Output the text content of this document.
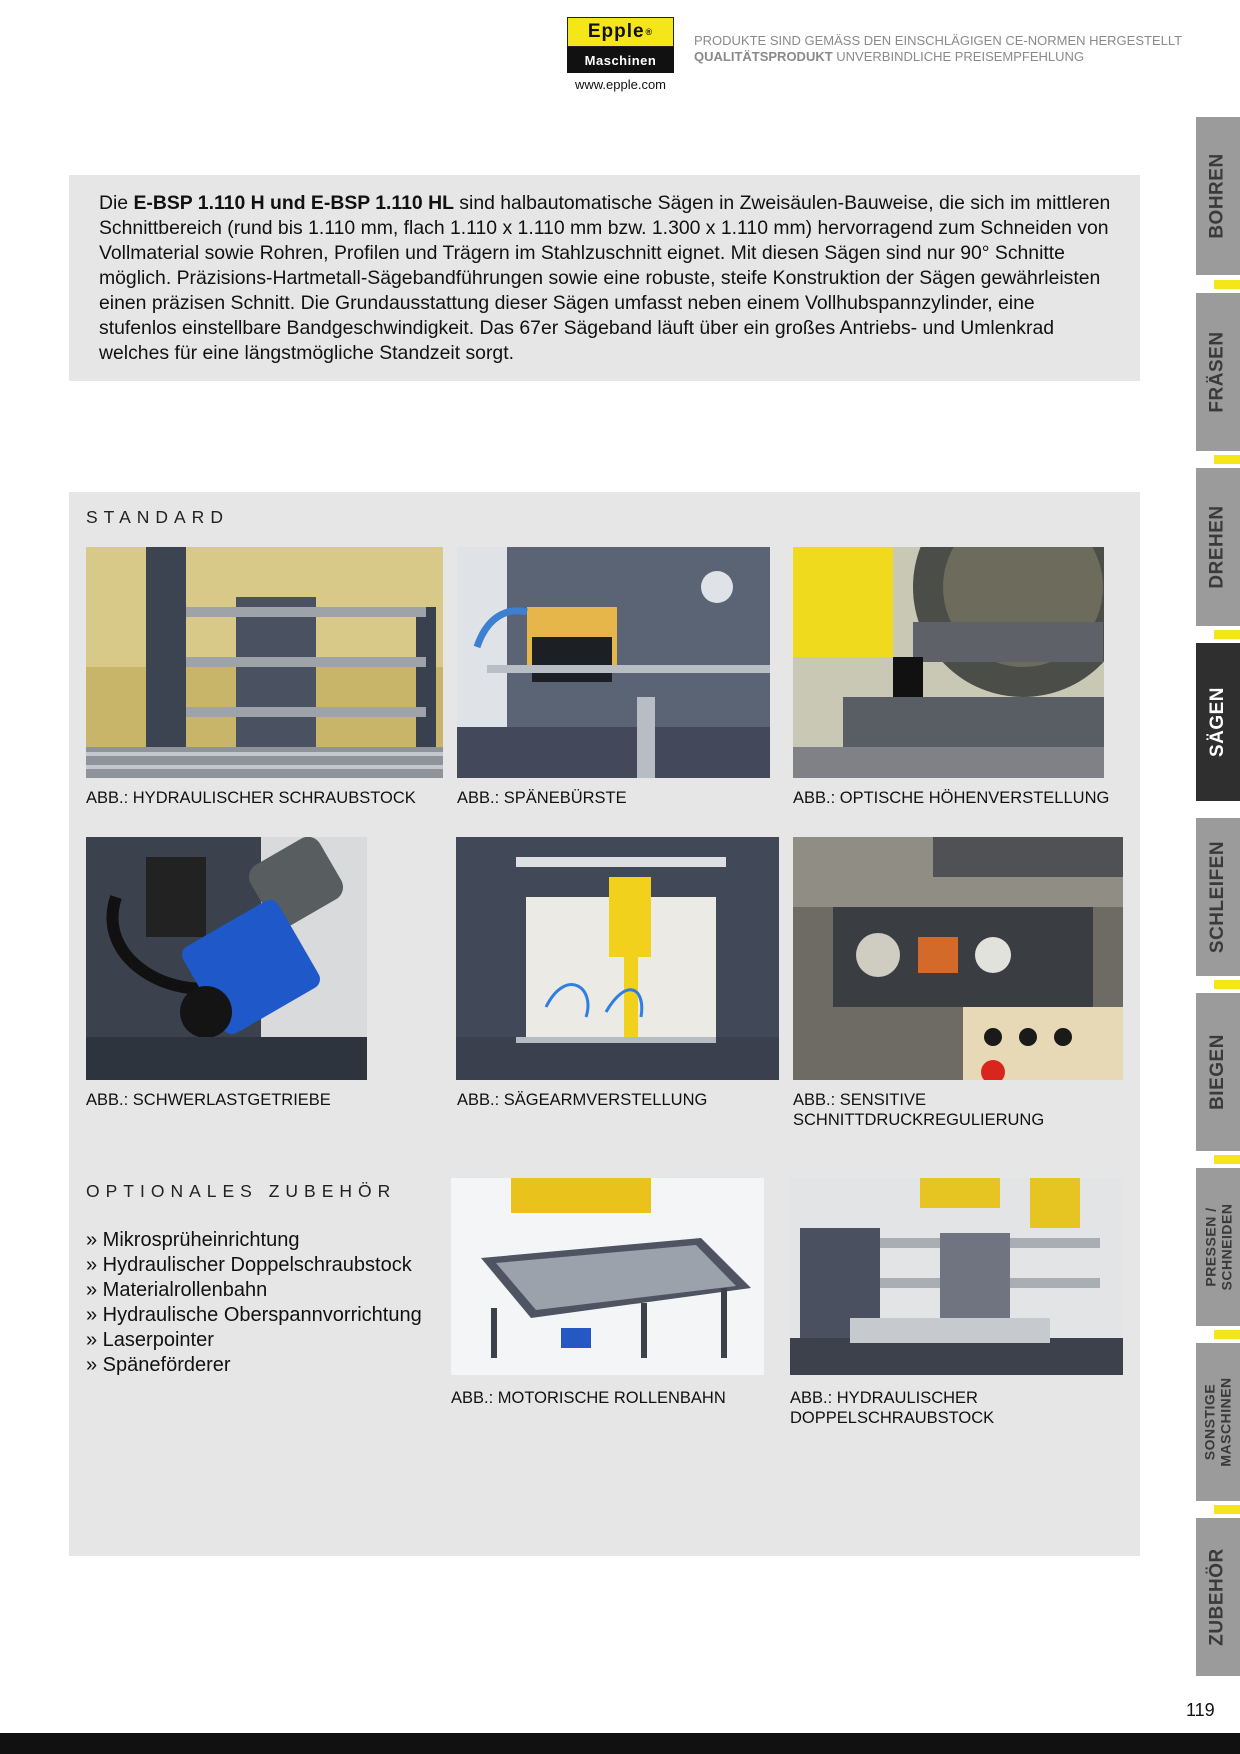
Epple ®
Maschinen
www.epple.com
PRODUKTE SIND GEMÄSS DEN EINSCHLÄGIGEN CE-NORMEN HERGESTELLT
QUALITÄTSPRODUKT UNVERBINDLICHE PREISEMPFEHLUNG
Die E-BSP 1.110 H und E-BSP 1.110 HL sind halbautomatische Sägen in Zweisäulen-Bauweise, die sich im mittleren Schnittbereich (rund bis 1.110 mm, flach 1.110 x 1.110 mm bzw. 1.300 x 1.110 mm) hervorragend zum Schneiden von Vollmaterial sowie Rohren, Profilen und Trägern im Stahlzuschnitt eignet. Mit diesen Sägen sind nur 90° Schnitte möglich. Präzisions-Hartmetall-Sägebandführungen sowie eine robuste, steife Konstruktion der Sägen gewährleisten einen präzisen Schnitt. Die Grundausstattung dieser Sägen umfasst neben einem Vollhubspannzylinder, eine stufenlos einstellbare Bandgeschwindigkeit. Das 67er Sägeband läuft über ein großes Antriebs- und Umlenkrad welches für eine längstmögliche Standzeit sorgt.
STANDARD
ABB.: HYDRAULISCHER SCHRAUBSTOCK ABB.: SPÄNEBÜRSTE	ABB.: OPTISCHE HÖHENVERSTELLUNG
ABB.: SCHWERLASTGETRIEBE	ABB.: SÄGEARMVERSTELLUNG	ABB.: SENSITIVE
SCHNITTDRUCKREGULIERUNG
OPTIONALES ZUBEHÖR
» Mikrosprüheinrichtung
» Hydraulischer Doppelschraubstock
» Materialrollenbahn
» Hydraulische Oberspannvorrichtung
» Laserpointer
» Späneförderer
ABB.: MOTORISCHE ROLLENBAHN	ABB.: HYDRAULISCHER
DOPPELSCHRAUBSTOCK
BOHREN
FRÄSEN
DREHEN
SÄGEN
SCHLEIFEN
BIEGEN
PRESSEN / SCHNEIDEN
SONSTIGE MASCHINEN
ZUBEHÖR
119
